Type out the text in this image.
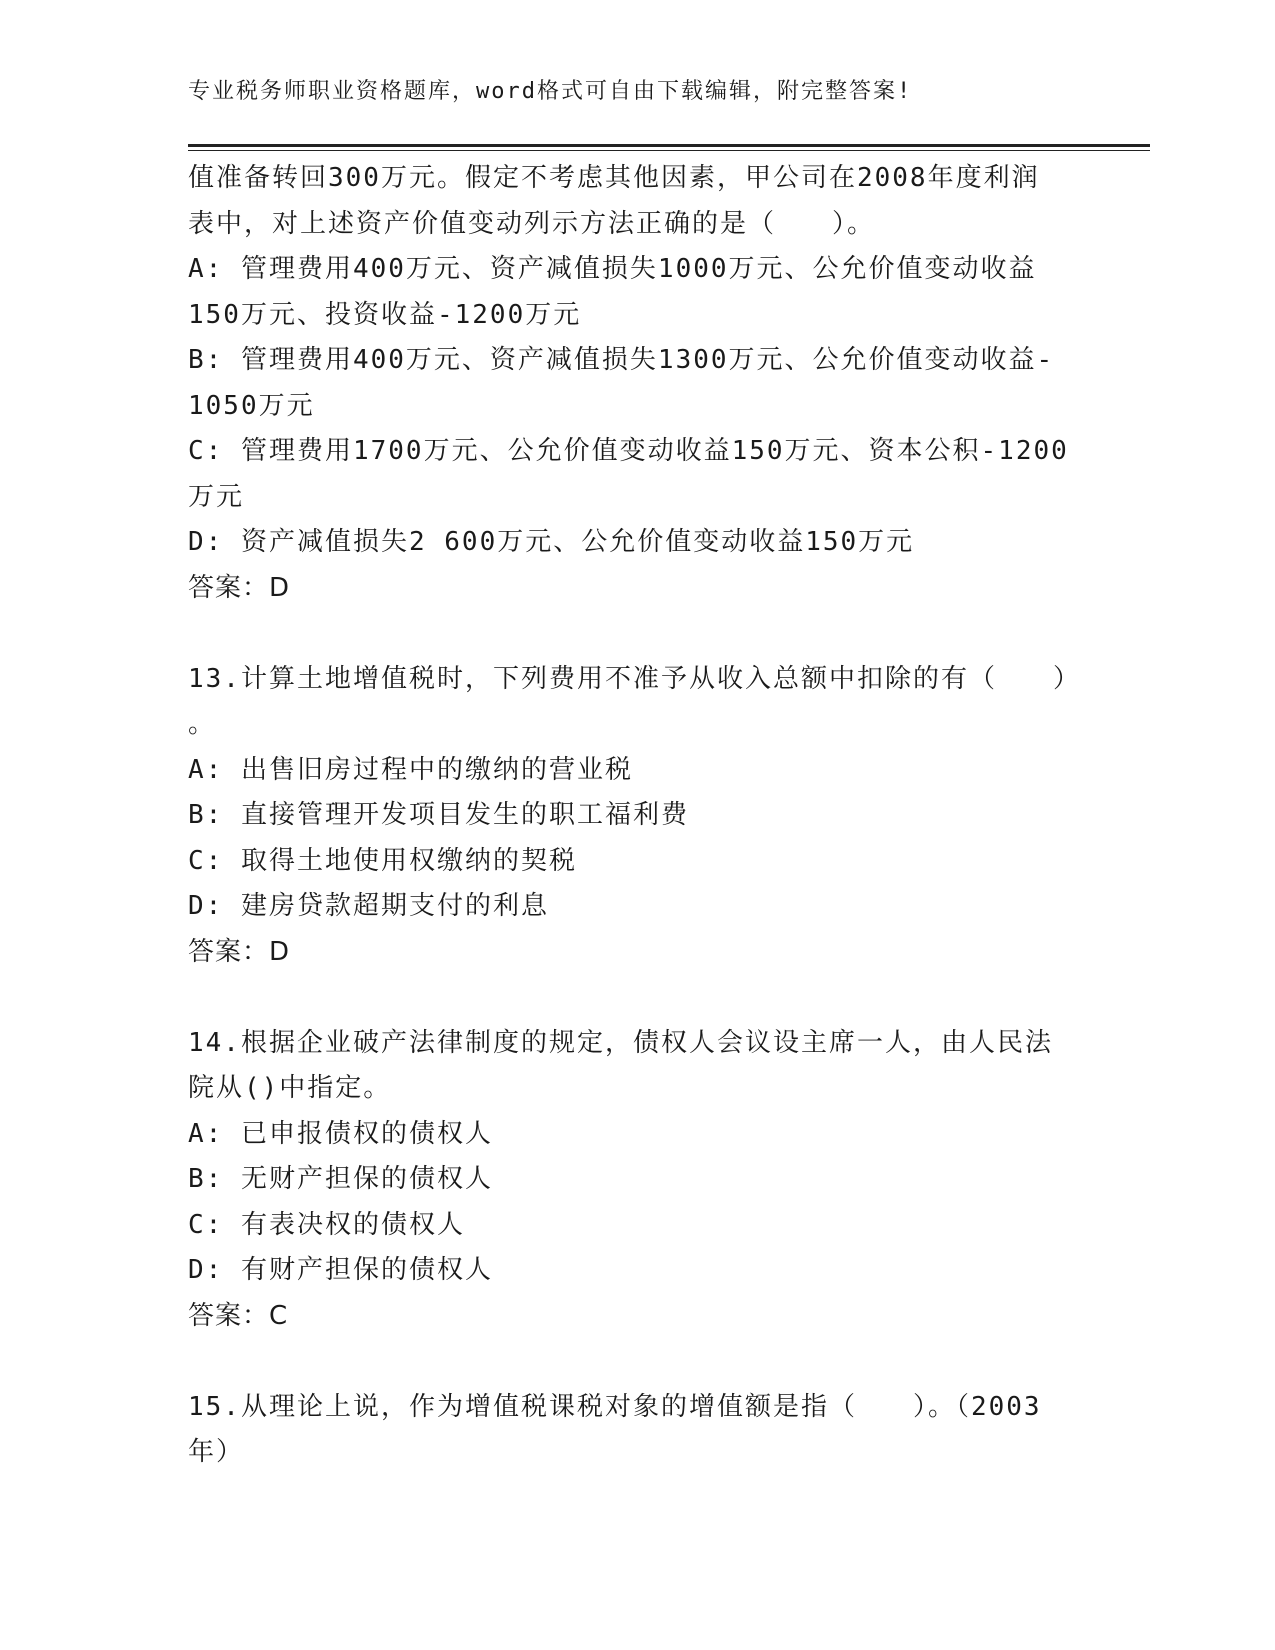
专业税务师职业资格题库，word格式可自由下载编辑，附完整答案!
值准备转回300万元。假定不考虑其他因素，甲公司在2008年度利润
表中，对上述资产价值变动列示方法正确的是（　　）。
A: 管理费用400万元、资产减值损失1000万元、公允价值变动收益
150万元、投资收益-1200万元
B: 管理费用400万元、资产减值损失1300万元、公允价值变动收益-
1050万元
C: 管理费用1700万元、公允价值变动收益150万元、资本公积-1200
万元
D: 资产减值损失2 600万元、公允价值变动收益150万元
答案：D
13.计算土地增值税时，下列费用不准予从收入总额中扣除的有（　　）
。
A: 出售旧房过程中的缴纳的营业税
B: 直接管理开发项目发生的职工福利费
C: 取得土地使用权缴纳的契税
D: 建房贷款超期支付的利息
答案：D
14.根据企业破产法律制度的规定，债权人会议设主席一人，由人民法
院从()中指定。
A: 已申报债权的债权人
B: 无财产担保的债权人
C: 有表决权的债权人
D: 有财产担保的债权人
答案：C
15.从理论上说，作为增值税课税对象的增值额是指（　　）。（2003
年）
